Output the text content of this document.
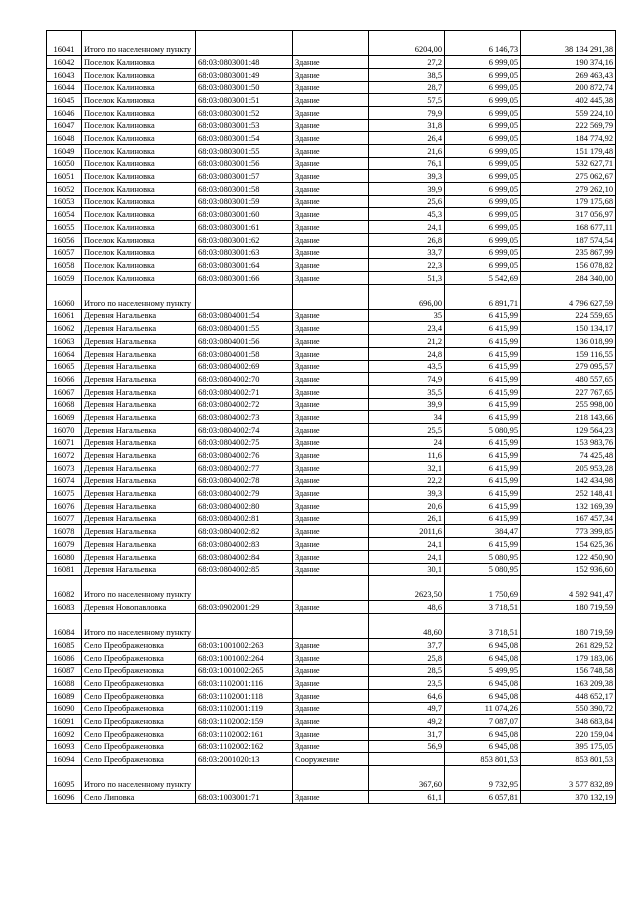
16041	Итого по населенному пункту			6204,00	6 146,73	38 134 291,38
16042	Поселок Калиновка	68:03:0803001:48	Здание	27,2	6 999,05	190 374,16
16043	Поселок Калиновка	68:03:0803001:49	Здание	38,5	6 999,05	269 463,43
16044	Поселок Калиновка	68:03:0803001:50	Здание	28,7	6 999,05	200 872,74
16045	Поселок Калиновка	68:03:0803001:51	Здание	57,5	6 999,05	402 445,38
16046	Поселок Калиновка	68:03:0803001:52	Здание	79,9	6 999,05	559 224,10
16047	Поселок Калиновка	68:03:0803001:53	Здание	31,8	6 999,05	222 569,79
16048	Поселок Калиновка	68:03:0803001:54	Здание	26,4	6 999,05	184 774,92
16049	Поселок Калиновка	68:03:0803001:55	Здание	21,6	6 999,05	151 179,48
16050	Поселок Калиновка	68:03:0803001:56	Здание	76,1	6 999,05	532 627,71
16051	Поселок Калиновка	68:03:0803001:57	Здание	39,3	6 999,05	275 062,67
16052	Поселок Калиновка	68:03:0803001:58	Здание	39,9	6 999,05	279 262,10
16053	Поселок Калиновка	68:03:0803001:59	Здание	25,6	6 999,05	179 175,68
16054	Поселок Калиновка	68:03:0803001:60	Здание	45,3	6 999,05	317 056,97
16055	Поселок Калиновка	68:03:0803001:61	Здание	24,1	6 999,05	168 677,11
16056	Поселок Калиновка	68:03:0803001:62	Здание	26,8	6 999,05	187 574,54
16057	Поселок Калиновка	68:03:0803001:63	Здание	33,7	6 999,05	235 867,99
16058	Поселок Калиновка	68:03:0803001:64	Здание	22,3	6 999,05	156 078,82
16059	Поселок Калиновка	68:03:0803001:66	Здание	51,3	5 542,69	284 340,00
16060	Итого по населенному пункту			696,00	6 891,71	4 796 627,59
16061	Деревня Нагальевка	68:03:0804001:54	Здание	35	6 415,99	224 559,65
16062	Деревня Нагальевка	68:03:0804001:55	Здание	23,4	6 415,99	150 134,17
16063	Деревня Нагальевка	68:03:0804001:56	Здание	21,2	6 415,99	136 018,99
16064	Деревня Нагальевка	68:03:0804001:58	Здание	24,8	6 415,99	159 116,55
16065	Деревня Нагальевка	68:03:0804002:69	Здание	43,5	6 415,99	279 095,57
16066	Деревня Нагальевка	68:03:0804002:70	Здание	74,9	6 415,99	480 557,65
16067	Деревня Нагальевка	68:03:0804002:71	Здание	35,5	6 415,99	227 767,65
16068	Деревня Нагальевка	68:03:0804002:72	Здание	39,9	6 415,99	255 998,00
16069	Деревня Нагальевка	68:03:0804002:73	Здание	34	6 415,99	218 143,66
16070	Деревня Нагальевка	68:03:0804002:74	Здание	25,5	5 080,95	129 564,23
16071	Деревня Нагальевка	68:03:0804002:75	Здание	24	6 415,99	153 983,76
16072	Деревня Нагальевка	68:03:0804002:76	Здание	11,6	6 415,99	74 425,48
16073	Деревня Нагальевка	68:03:0804002:77	Здание	32,1	6 415,99	205 953,28
16074	Деревня Нагальевка	68:03:0804002:78	Здание	22,2	6 415,99	142 434,98
16075	Деревня Нагальевка	68:03:0804002:79	Здание	39,3	6 415,99	252 148,41
16076	Деревня Нагальевка	68:03:0804002:80	Здание	20,6	6 415,99	132 169,39
16077	Деревня Нагальевка	68:03:0804002:81	Здание	26,1	6 415,99	167 457,34
16078	Деревня Нагальевка	68:03:0804002:82	Здание	2011,6	384,47	773 399,85
16079	Деревня Нагальевка	68:03:0804002:83	Здание	24,1	6 415,99	154 625,36
16080	Деревня Нагальевка	68:03:0804002:84	Здание	24,1	5 080,95	122 450,90
16081	Деревня Нагальевка	68:03:0804002:85	Здание	30,1	5 080,95	152 936,60
16082	Итого по населенному пункту			2623,50	1 750,69	4 592 941,47
16083	Деревня Новопавловка	68:03:0902001:29	Здание	48,6	3 718,51	180 719,59
16084	Итого по населенному пункту			48,60	3 718,51	180 719,59
16085	Село Преображеновка	68:03:1001002:263	Здание	37,7	6 945,08	261 829,52
16086	Село Преображеновка	68:03:1001002:264	Здание	25,8	6 945,08	179 183,06
16087	Село Преображеновка	68:03:1001002:265	Здание	28,5	5 499,95	156 748,58
16088	Село Преображеновка	68:03:1102001:116	Здание	23,5	6 945,08	163 209,38
16089	Село Преображеновка	68:03:1102001:118	Здание	64,6	6 945,08	448 652,17
16090	Село Преображеновка	68:03:1102001:119	Здание	49,7	11 074,26	550 390,72
16091	Село Преображеновка	68:03:1102002:159	Здание	49,2	7 087,07	348 683,84
16092	Село Преображеновка	68:03:1102002:161	Здание	31,7	6 945,08	220 159,04
16093	Село Преображеновка	68:03:1102002:162	Здание	56,9	6 945,08	395 175,05
16094	Село Преображеновка	68:03:2001020:13	Сооружение		853 801,53	853 801,53
16095	Итого по населенному пункту			367,60	9 732,95	3 577 832,89
16096	Село Липовка	68:03:1003001:71	Здание	61,1	6 057,81	370 132,19
